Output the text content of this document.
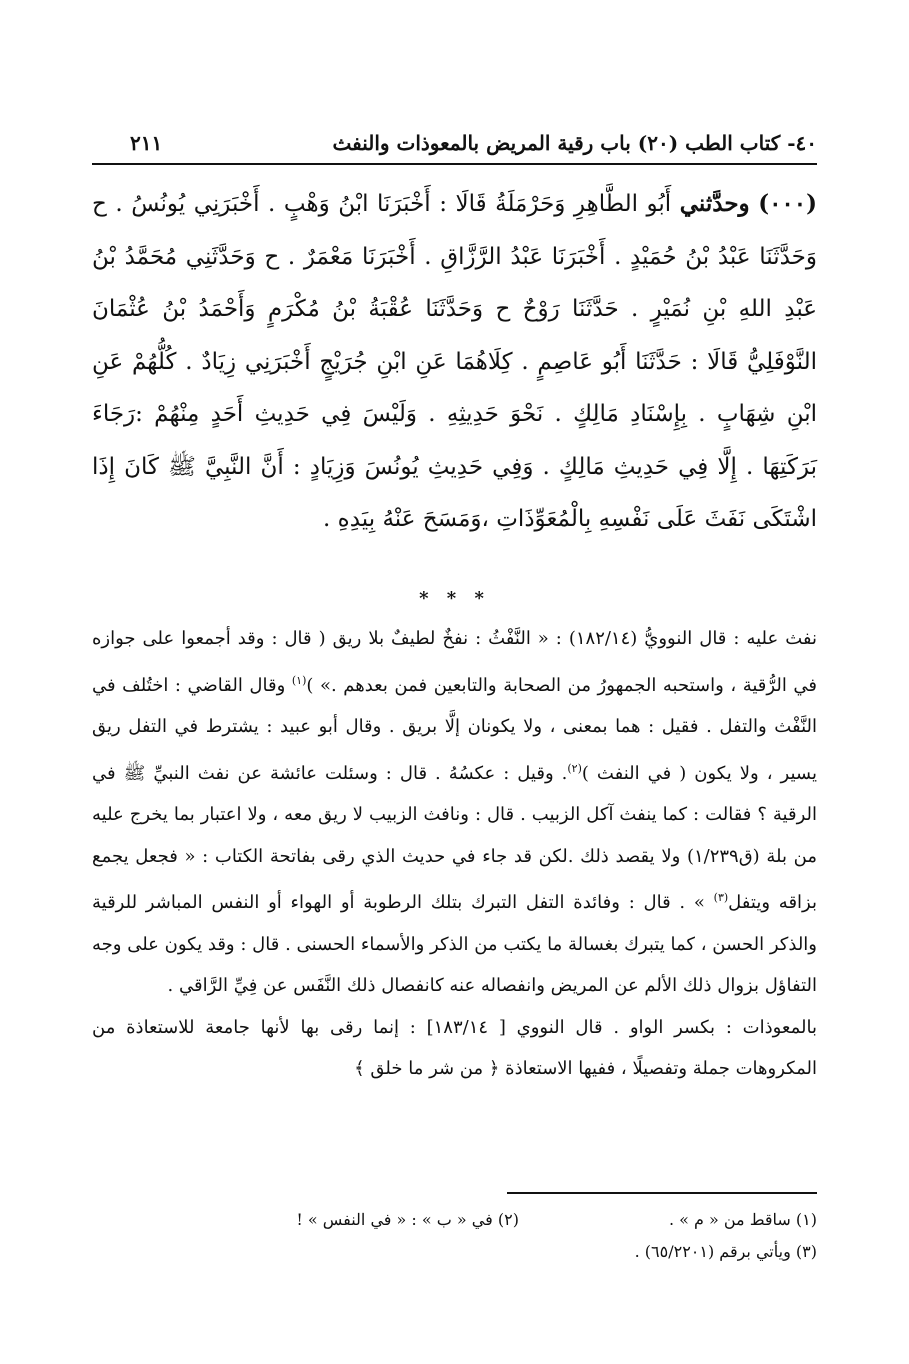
٤٠- كتاب الطب (٢٠) باب رقية المريض بالمعوذات والنفث
٢١١
(٠٠٠) وحدَّثني أَبُو الطَّاهِرِ وَحَرْمَلَةُ قَالَا : أَخْبَرَنَا ابْنُ وَهْبٍ . أَخْبَرَنِي يُونُسُ . ح وَحَدَّثَنَا عَبْدُ بْنُ حُمَيْدٍ . أَخْبَرَنَا عَبْدُ الرَّزَّاقِ . أَخْبَرَنَا مَعْمَرٌ . ح وَحَدَّثَنِي مُحَمَّدُ بْنُ عَبْدِ اللهِ بْنِ نُمَيْرٍ . حَدَّثَنَا رَوْحٌ ح وَحَدَّثَنَا عُقْبَةُ بْنُ مُكْرَمٍ وَأَحْمَدُ بْنُ عُثْمَانَ النَّوْفَلِيُّ قَالَا : حَدَّثَنَا أَبُو عَاصِمٍ . كِلَاهُمَا عَنِ ابْنِ جُرَيْجٍ أَخْبَرَنِي زِيَادٌ . كُلُّهُمْ عَنِ ابْنِ شِهَابٍ . بِإِسْنَادِ مَالِكٍ . نَحْوَ حَدِيثِهِ . وَلَيْسَ فِي حَدِيثِ أَحَدٍ مِنْهُمْ :رَجَاءَ بَرَكَتِهَا . إِلَّا فِي حَدِيثِ مَالِكٍ . وَفِي حَدِيثِ يُونُسَ وَزِيَادٍ : أَنَّ النَّبِيَّ ﷺ كَانَ إِذَا اشْتَكَى نَفَثَ عَلَى نَفْسِهِ بِالْمُعَوِّذَاتِ ،وَمَسَحَ عَنْهُ بِيَدِهِ .
* * *

نفث عليه : قال النوويُّ (١٨٢/١٤) : « النَّفْثُ : نفخٌ لطيفٌ بلا ريق ( قال : وقد أجمعوا على جوازه في الرُّقية ، واستحبه الجمهورُ من الصحابة والتابعين فمن بعدهم .» )$^{(١)}$ وقال القاضي : اختُلف في النَّفْث والتفل . فقيل : هما بمعنى ، ولا يكونان إلَّا بريق . وقال أبو عبيد : يشترط في التفل ريق يسير ، ولا يكون ( في النفث )$^{(٢)}$. وقيل : عكسُهُ . قال : وسئلت عائشة عن نفث النبيِّ ﷺ في الرقية ؟ فقالت : كما ينفث آكل الزبيب . قال : ونافث الزبيب لا ريق معه ، ولا اعتبار بما يخرج عليه من بلة (ق١/٢٣٩) ولا يقصد ذلك .لكن قد جاء في حديث الذي رقى بفاتحة الكتاب : « فجعل يجمع بزاقه ويتفل$^{(٣)}$ » . قال : وفائدة التفل التبرك بتلك الرطوبة أو الهواء أو النفس المباشر للرقية والذكر الحسن ، كما يتبرك بغسالة ما يكتب من الذكر والأسماء الحسنى . قال : وقد يكون على وجه التفاؤل بزوال ذلك الألم عن المريض وانفصاله عنه كانفصال ذلك النَّفَس عن فِيِّ الرَّاقي .

بالمعوذات : بكسر الواو . قال النووي [ ١٨٣/١٤] : إنما رقى بها لأنها جامعة للاستعاذة من المكروهات جملة وتفصيلًا ، ففيها الاستعاذة ﴿ من شر ما خلق ﴾

(١) ساقط من « م » .
(٢) في « ب » : « في النفس » !
(٣) ويأتي برقم (٦٥/٢٢٠١) .
